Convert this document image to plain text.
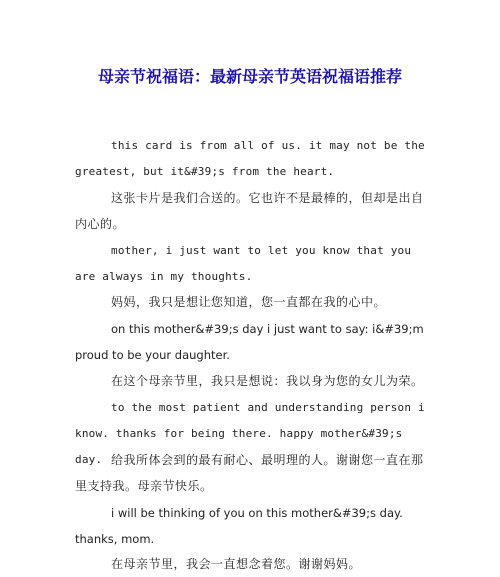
母亲节祝福语：最新母亲节英语祝福语推荐
this card is from all of us. it may not be the greatest, but it&#39;s from the heart.
这张卡片是我们合送的。它也许不是最棒的，但却是出自内心的。
mother, i just want to let you know that you are always in my thoughts.
妈妈，我只是想让您知道，您一直都在我的心中。
on this mother&#39;s day i just want to say: i&#39;m proud to be your daughter.
在这个母亲节里，我只是想说：我以身为您的女儿为荣。
to the most patient and understanding person i know. thanks for being there. happy mother&#39;s day. 给我所体会到的最有耐心、最明理的人。谢谢您一直在那里支持我。母亲节快乐。
i will be thinking of you on this mother&#39;s day. thanks, mom.
在母亲节里，我会一直想念着您。谢谢妈妈。
